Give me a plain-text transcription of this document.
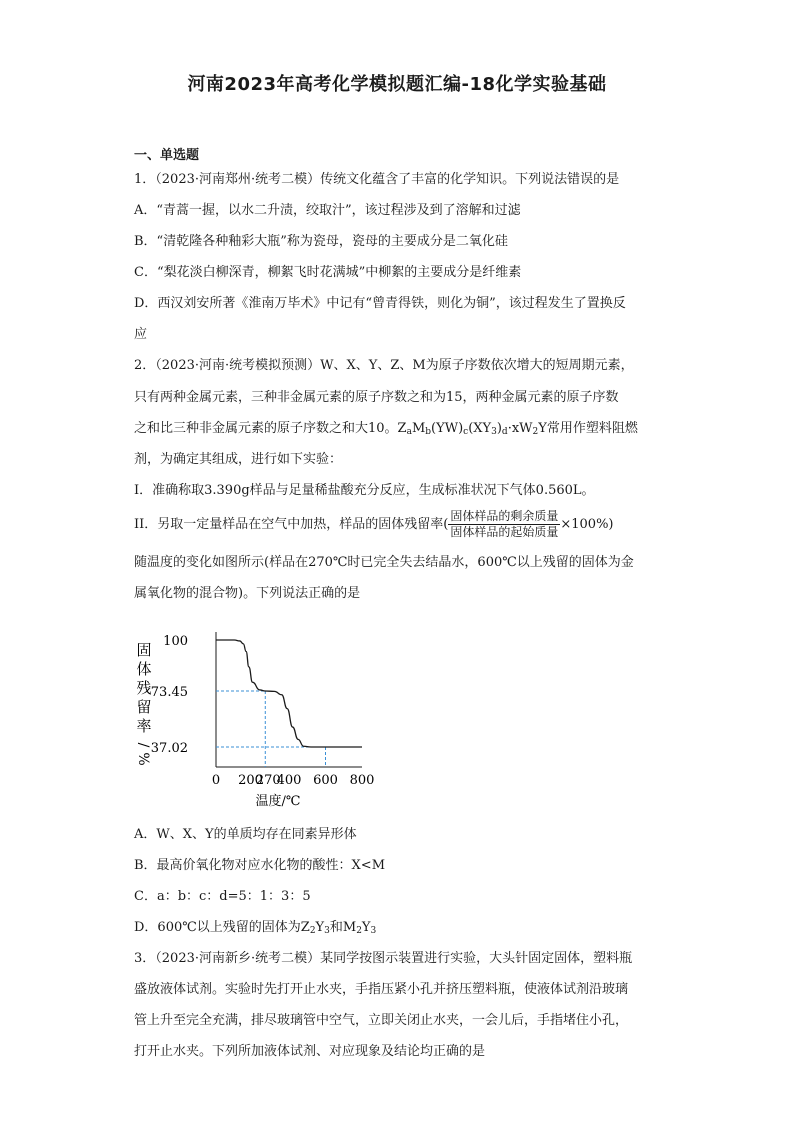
河南2023年高考化学模拟题汇编-18化学实验基础
一、单选题
1．（2023·河南郑州·统考二模）传统文化蕴含了丰富的化学知识。下列说法错误的是
A．“青蒿一握，以水二升渍，绞取汁”，该过程涉及到了溶解和过滤
B．“清乾隆各种釉彩大瓶”称为瓷母，瓷母的主要成分是二氧化硅
C．“梨花淡白柳深青，柳絮飞时花满城”中柳絮的主要成分是纤维素
D．西汉刘安所著《淮南万毕术》中记有“曾青得铁，则化为铜”，该过程发生了置换反
应
2．（2023·河南·统考模拟预测）W、X、Y、Z、M为原子序数依次增大的短周期元素，
只有两种金属元素，三种非金属元素的原子序数之和为15，两种金属元素的原子序数
之和比三种非金属元素的原子序数之和大10。$Z_aM_b(YW)_c(XY_3)_d\cdot xW_2Y$常用作塑料阻燃
剂，为确定其组成，进行如下实验：
I．准确称取3.390g样品与足量稀盐酸充分反应，生成标准状况下气体0.560L。
II．另取一定量样品在空气中加热，样品的固体残留率( $\frac{\text{固体样品的剩余质量}}{\text{固体样品的起始质量}} \times 100\%$)
随温度的变化如图所示(样品在270℃时已完全失去结晶水，600℃以上残留的固体为金
属氧化物的混合物)。下列说法正确的是
固
体
残
留
率
/
%
100
73.45
37.02
0 200
270
400 600 800
温度/℃
A．W、X、Y的单质均存在同素异形体
B．最高价氧化物对应水化物的酸性：X<M
C．a：b：c：d=5：1：3：5
D．600℃以上残留的固体为$Z_2Y_3$和$M_2Y_3$
3．（2023·河南新乡·统考二模）某同学按图示装置进行实验，大头针固定固体，塑料瓶
盛放液体试剂。实验时先打开止水夹，手指压紧小孔并挤压塑料瓶，使液体试剂沿玻璃
管上升至完全充满，排尽玻璃管中空气，立即关闭止水夹，一会儿后，手指堵住小孔，
打开止水夹。下列所加液体试剂、对应现象及结论均正确的是
